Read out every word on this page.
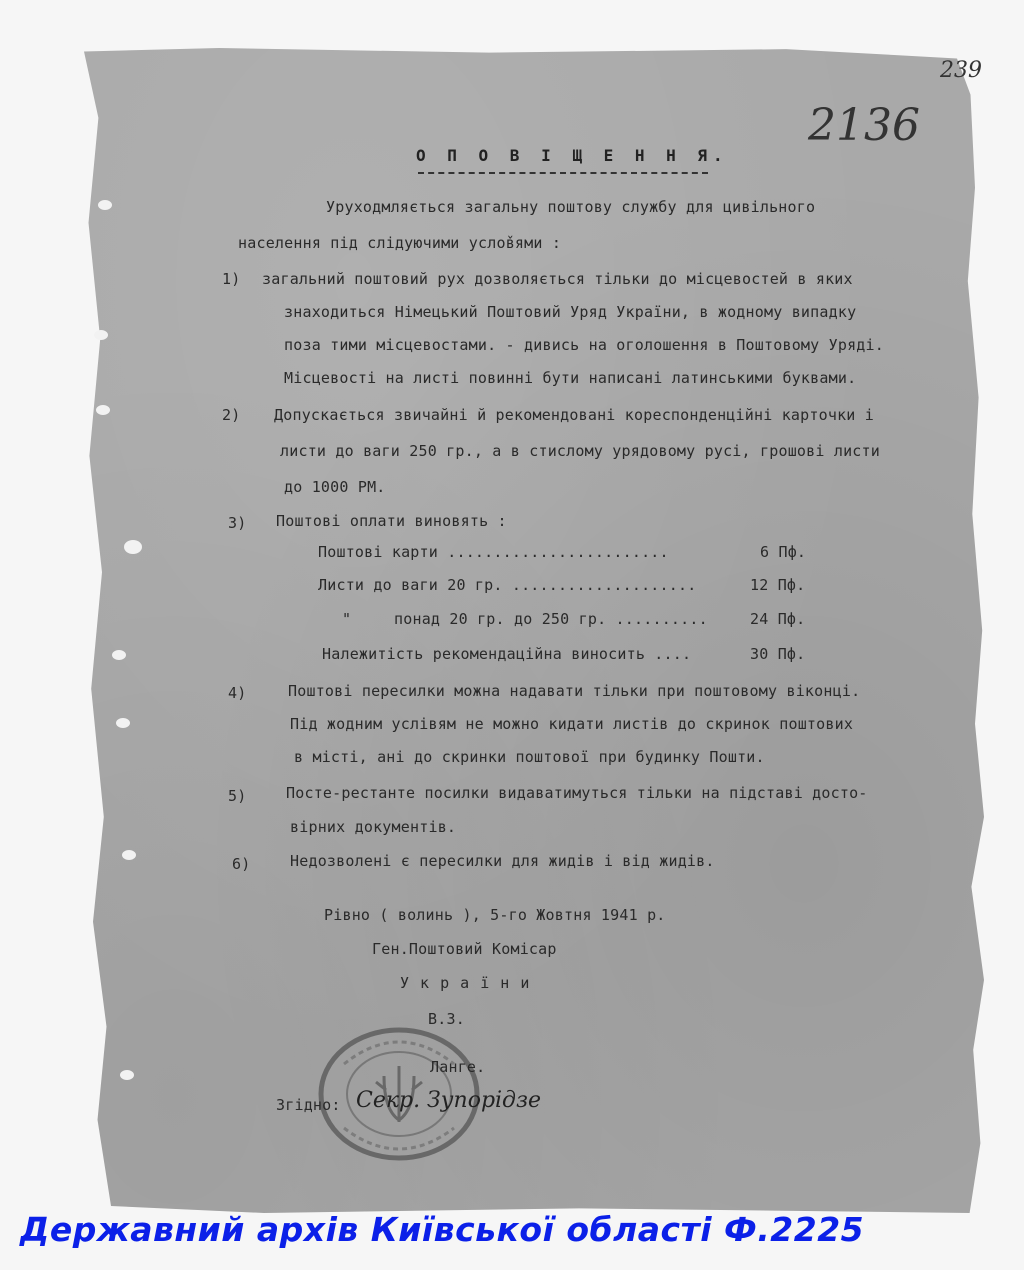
239
2136
О П О В І Щ Е Н Н Я.
Уруходмляється загальну поштову службу для цивільного
населення під слідуючими услов̌ями :
1) загальний поштовий рух дозволяється тільки до місцевостей в яких
знаходиться Німецький Поштовий Уряд України, в жодному випадку
поза тими місцевостами. - дивись на оголошення в Поштовому Уряді.
Місцевості на листі повинні бути написані латинськими буквами.
2) Допускається звичайні й рекомендовані кореспонденційні карточки і
листи до ваги 250 гр., а в стислому урядовому русі, грошові листи
до 1000 РМ.
3) Поштові оплати виновять :
Поштові карти ........................	6 Пф.
Листи до ваги 20 гр. ....................	12 Пф.
"	понад 20 гр. до 250 гр. ..........	24 Пф.
Належитість рекомендаційна виносить ....	30 Пф.
4)	Поштові пересилки можна надавати тільки при поштовому віконці.
Під жодним услівям не можно кидати листів до скринок поштових
в місті, ані до скринки поштової при будинку Пошти.
5)	Посте-рестанте посилки видаватимуться тільки на підставі досто-
вірних документів.
6)	Недозволені є пересилки для жидів і від жидів.
Рівно ( волинь ), 5-го Жовтня 1941 р.
Ген.Поштовий Комісар
У к р а ї н и
В.З.
Ланге.
Згідно: Секр. Зупорідзе
Державний архів Київської області Ф.2225
